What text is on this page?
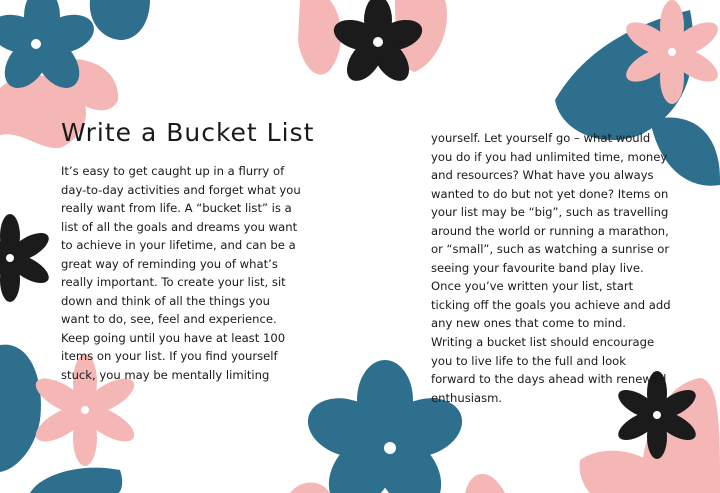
Write a Bucket List

It’s easy to get caught up in a flurry of day-to-day activities and forget what you really want from life. A “bucket list” is a list of all the goals and dreams you want to achieve in your lifetime, and can be a great way of reminding you of what’s really important. To create your list, sit down and think of all the things you want to do, see, feel and experience. Keep going until you have at least 100 items on your list. If you find yourself stuck, you may be mentally limiting

yourself. Let yourself go – what would you do if you had unlimited time, money and resources? What have you always wanted to do but not yet done? Items on your list may be “big”, such as travelling around the world or running a marathon, or “small”, such as watching a sunrise or seeing your favourite band play live. Once you’ve written your list, start ticking off the goals you achieve and add any new ones that come to mind. Writing a bucket list should encourage you to live life to the full and look forward to the days ahead with renewed enthusiasm.
